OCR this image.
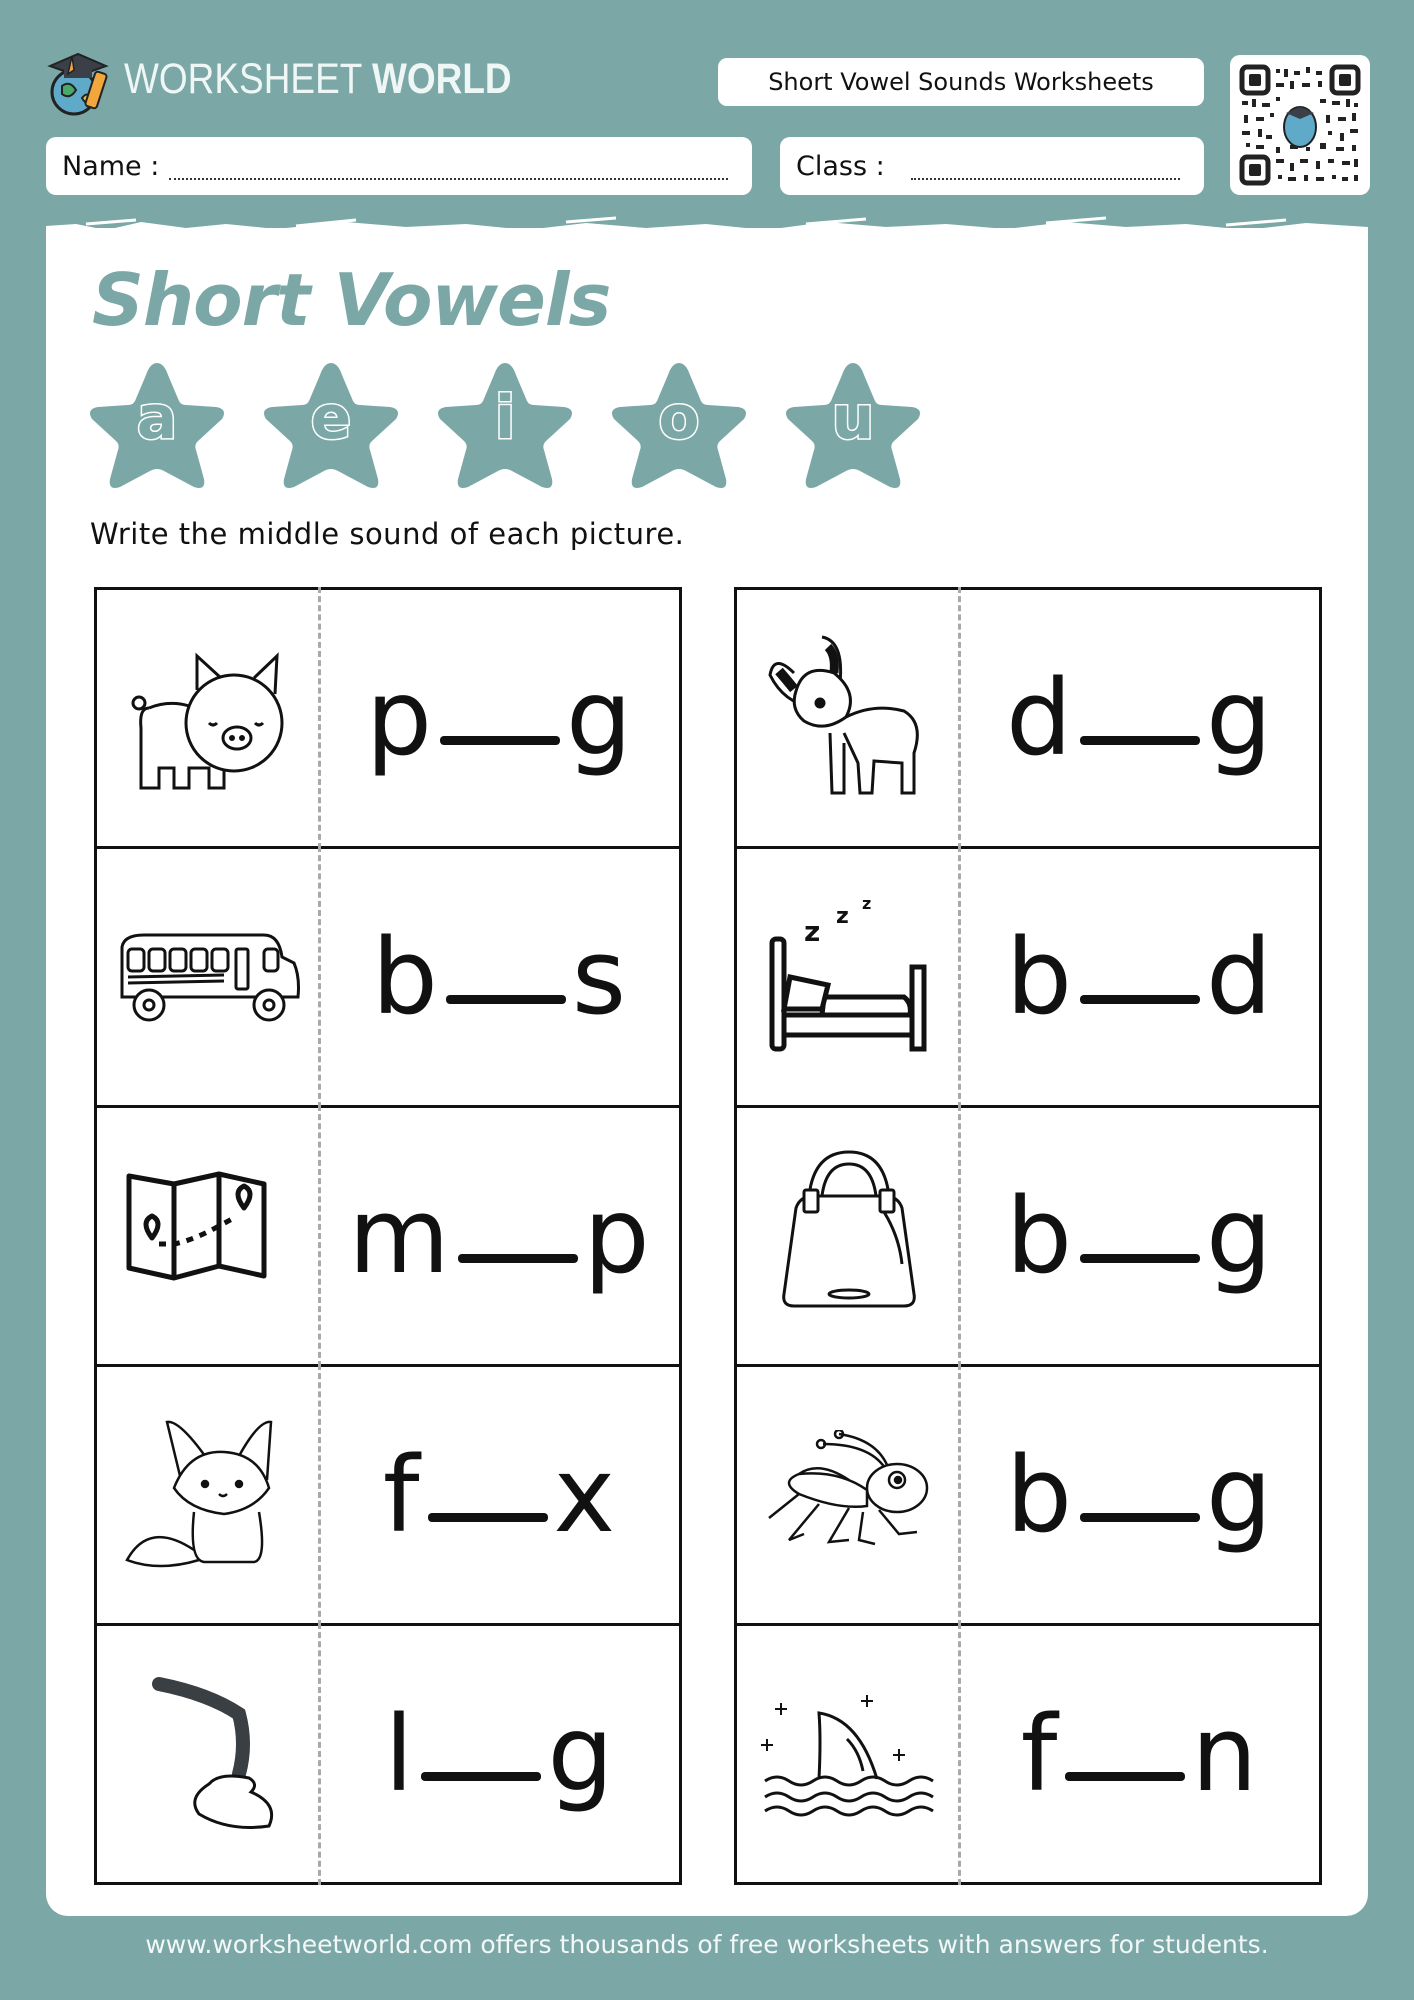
WORKSHEET WORLD	Short Vowel Sounds Worksheets
Name :	Class :
Short Vowels
a	e	i	o	u
Write the middle sound of each picture.
p g
b s
m p
f x
l g
d g
z z
z
b d
b g
b g
f n
www.worksheetworld.com offers thousands of free worksheets with answers for students.
